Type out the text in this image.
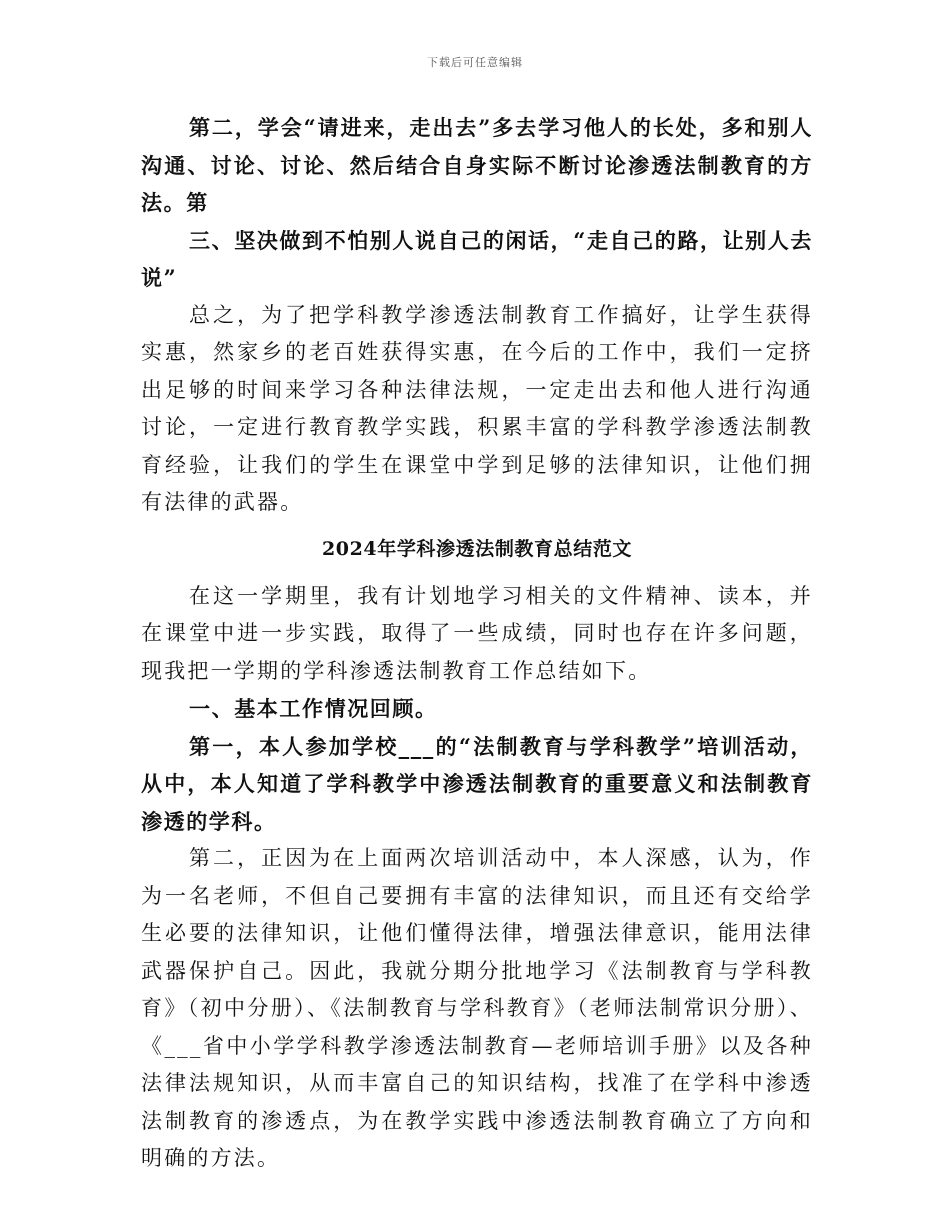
下载后可任意编辑

第二，学会“请进来，走出去”多去学习他人的长处，多和别人沟通、讨论、讨论、然后结合自身实际不断讨论渗透法制教育的方法。第

三、坚决做到不怕别人说自己的闲话，“走自己的路，让别人去说”

总之，为了把学科教学渗透法制教育工作搞好，让学生获得实惠，然家乡的老百姓获得实惠，在今后的工作中，我们一定挤出足够的时间来学习各种法律法规，一定走出去和他人进行沟通讨论，一定进行教育教学实践，积累丰富的学科教学渗透法制教育经验，让我们的学生在课堂中学到足够的法律知识，让他们拥有法律的武器。

2024年学科渗透法制教育总结范文

在这一学期里，我有计划地学习相关的文件精神、读本，并在课堂中进一步实践，取得了一些成绩，同时也存在许多问题，现我把一学期的学科渗透法制教育工作总结如下。

一、基本工作情况回顾。

第一，本人参加学校___的“法制教育与学科教学”培训活动，从中，本人知道了学科教学中渗透法制教育的重要意义和法制教育渗透的学科。

第二，正因为在上面两次培训活动中，本人深感，认为，作为一名老师，不但自己要拥有丰富的法律知识，而且还有交给学生必要的法律知识，让他们懂得法律，增强法律意识，能用法律武器保护自己。因此，我就分期分批地学习《法制教育与学科教育》（初中分册）、《法制教育与学科教育》（老师法制常识分册）、《___省中小学学科教学渗透法制教育—老师培训手册》以及各种法律法规知识，从而丰富自己的知识结构，找准了在学科中渗透法制教育的渗透点，为在教学实践中渗透法制教育确立了方向和明确的方法。
